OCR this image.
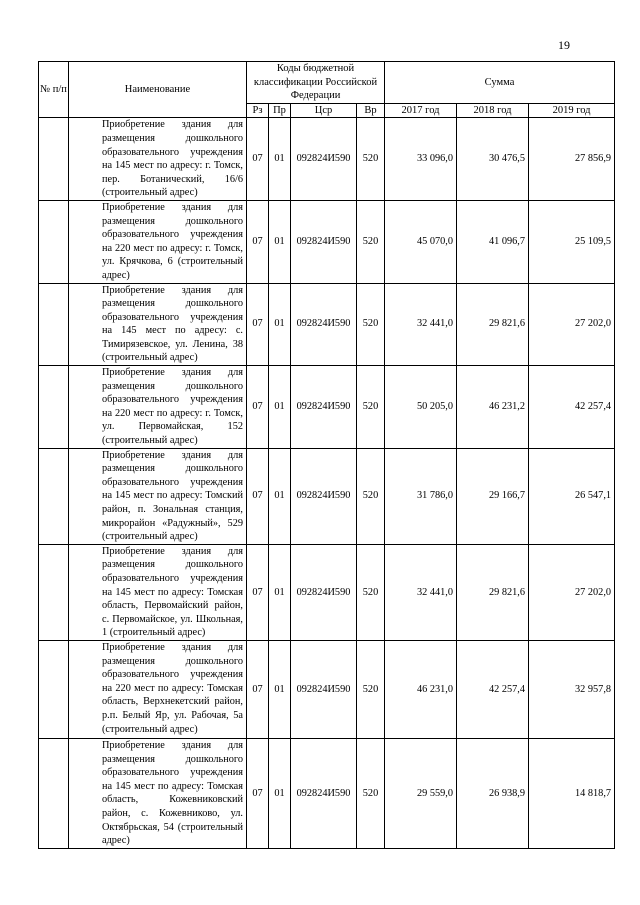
19
№ п/п	Наименование	Коды бюджетной классификации Российской Федерации				Сумма		
		Рз	Пр	Цср	Вр	2017 год	2018 год	2019 год
	Приобретение здания для размещения дошкольного образовательного учреждения на 145 мест по адресу: г. Томск, пер. Ботанический, 16/6 (строительный адрес)	07	01	092824И590	520	33 096,0	30 476,5	27 856,9
	Приобретение здания для размещения дошкольного образовательного учреждения на 220 мест по адресу: г. Томск, ул. Крячкова, 6 (строительный адрес)	07	01	092824И590	520	45 070,0	41 096,7	25 109,5
	Приобретение здания для размещения дошкольного образовательного учреждения на 145 мест по адресу: с. Тимирязевское, ул. Ленина, 38 (строительный адрес)	07	01	092824И590	520	32 441,0	29 821,6	27 202,0
	Приобретение здания для размещения дошкольного образовательного учреждения на 220 мест по адресу: г. Томск, ул. Первомайская, 152 (строительный адрес)	07	01	092824И590	520	50 205,0	46 231,2	42 257,4
	Приобретение здания для размещения дошкольного образовательного учреждения на 145 мест по адресу: Томский район, п. Зональная станция, микрорайон «Радужный», 529 (строительный адрес)	07	01	092824И590	520	31 786,0	29 166,7	26 547,1
	Приобретение здания для размещения дошкольного образовательного учреждения на 145 мест по адресу: Томская область, Первомайский район, с. Первомайское, ул. Школьная, 1 (строительный адрес)	07	01	092824И590	520	32 441,0	29 821,6	27 202,0
	Приобретение здания для размещения дошкольного образовательного учреждения на 220 мест по адресу: Томская область, Верхнекетский район, р.п. Белый Яр, ул. Рабочая, 5а (строительный адрес)	07	01	092824И590	520	46 231,0	42 257,4	32 957,8
	Приобретение здания для размещения дошкольного образовательного учреждения на 145 мест по адресу: Томская область, Кожевниковский район, с. Кожевниково, ул. Октябрьская, 54 (строительный адрес)	07	01	092824И590	520	29 559,0	26 938,9	14 818,7
